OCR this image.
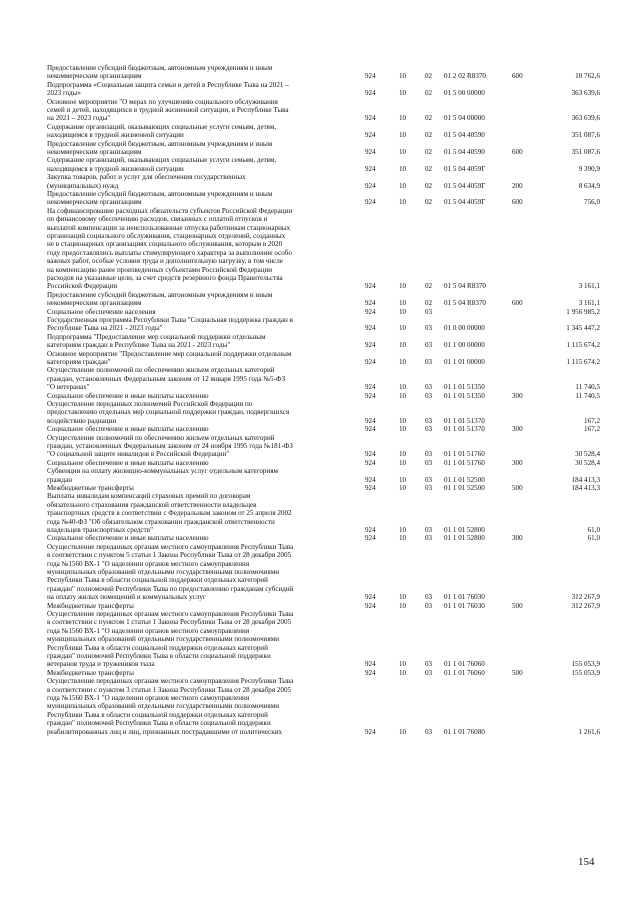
Предоставление субсидий бюджетным, автономным учреждениям и иным
некоммерческим организациям	924	10	02	01 2 02 R8370	600	10 762,6
Подпрограмма «Социальная защита семьи и детей в Республике Тыва на 2021 –
2023 годы»	924	10	02	01 5 00 00000	363 639,6
Основное мероприятие "О мерах по улучшению социального обслуживания
семей и детей, находящихся в трудной жизненной ситуации, в Республике Тыва
на 2021 – 2023 годы"	924	10	02	01 5 04 00000	363 639,6
Содержание организаций, оказывающих социальные услуги семьям, детям,
находящимся в трудной жизненной ситуации	924	10	02	01 5 04 40590	351 087,6
Предоставление субсидий бюджетным, автономным учреждениям и иным
некоммерческим организациям	924	10	02	01 5 04 40590	600	351 087,6
Содержание организаций, оказывающих социальные услуги семьям, детям,
находящимся в трудной жизненной ситуации	924	10	02	01 5 04 4059Г	9 390,9
Закупка товаров, работ и услуг для обеспечения государственных
(муниципальных) нужд	924	10	02	01 5 04 4059Г	200	8 634,9
Предоставление субсидий бюджетным, автономным учреждениям и иным
некоммерческим организациям	924	10	02	01 5 04 4059Г	600	756,0
На софинансирование расходных обязательств субъектов Российской Федерации
по финансовому обеспечению расходов, связанных с оплатой отпусков и
выплатой компенсации за неиспользованные отпуска работникам стационарных
организаций социального обслуживания, стационарных отделений, созданных
не в стационарных организациях социального обслуживания, которым в 2020
году предоставлялись выплаты стимулирующего характера за выполнение особо
важных работ, особые условия труда и дополнительную нагрузку, в том числе
на компенсацию ранее произведенных субъектами Российской Федерации
расходов на указанные цели, за счет средств резервного фонда Правительства
Российской Федерации	924	10	02	01 5 04 R8370	3 161,1
Предоставление субсидий бюджетным, автономным учреждениям и иным
некоммерческим организациям	924	10	02	01 5 04 R8370	600	3 161,1
Социальное обеспечение населения	924	10	03	1 956 985,2
Государственная программа Республики Тыва "Социальная поддержка граждан в
Республике Тыва на 2021 - 2023 годы"	924	10	03	01 0 00 00000	1 345 447,2
Подпрограмма "Предоставление мер социальной поддержки отдельным
категориям граждан в Республике Тыва на 2021 - 2023 годы"	924	10	03	01 1 00 00000	1 115 674,2
Основное мероприятие "Предоставление мер социальной поддержки отдельным
категориям граждан"	924	10	03	01 1 01 00000	1 115 674,2
Осуществление полномочий по обеспечению жильем отдельных категорий
граждан, установленных Федеральным законом от 12 января 1995 года №5-ФЗ
"О ветеранах"	924	10	03	01 1 01 51350	11 740,5
Социальное обеспечение и иные выплаты населению	924	10	03	01 1 01 51350	300	11 740,5
Осуществление переданных полномочий Российской Федерации по
предоставлению отдельных мер социальной поддержки граждан, подвергшихся
воздействию радиации	924	10	03	01 1 01 51370	167,2
Социальное обеспечение и иные выплаты населению	924	10	03	01 1 01 51370	300	167,2
Осуществление полномочий по обеспечению жильем отдельных категорий
граждан, установленных Федеральным законом от 24 ноября 1995 года №181-ФЗ
"О социальной защите инвалидов в Российской Федерации"	924	10	03	01 1 01 51760	30 528,4
Социальное обеспечение и иные выплаты населению	924	10	03	01 1 01 51760	300	30 528,4
Субвенции на оплату жилищно-коммунальных услуг отдельным категориям
граждан	924	10	03	01 1 01 52500	184 413,3
Межбюджетные трансферты	924	10	03	01 1 01 52500	500	184 413,3
Выплаты инвалидам компенсаций страховых премий по договорам
обязательного страхования гражданской ответственности владельцев
транспортных средств в соответствии с Федеральным законом от 25 апреля 2002
года №40-ФЗ "Об обязательном страховании гражданской ответственности
владельцев транспортных средств"	924	10	03	01 1 01 52800	61,0
Социальное обеспечение и иные выплаты населению	924	10	03	01 1 01 52800	300	61,0
Осуществление переданных органам местного самоуправления Республики Тыва
в соответствии с пунктом 5 статьи 1 Закона Республики Тыва от 28 декабря 2005
года №1560 ВХ-1 "О наделении органов местного самоуправления
муниципальных образований отдельными государственными полномочиями
Республики Тыва в области социальной поддержки отдельных категорий
граждан" полномочий Республики Тыва по предоставлению гражданам субсидий
на оплату жилых помещений и коммунальных услуг	924	10	03	01 1 01 76030	312 267,9
Межбюджетные трансферты	924	10	03	01 1 01 76030	500	312 267,9
Осуществление переданных органам местного самоуправления Республики Тыва
в соответствии с пунктом 1 статьи 1 Закона Республики Тыва от 28 декабря 2005
года №1560 ВХ-1 "О наделении органов местного самоуправления
муниципальных образований отдельными государственными полномочиями
Республики Тыва в области социальной поддержки отдельных категорий
граждан" полномочий Республики Тыва в области социальной поддержки
ветеранов труда и тружеников тыла	924	10	03	01 1 01 76060	155 053,9
Межбюджетные трансферты	924	10	03	01 1 01 76060	500	155 053,9
Осуществление переданных органам местного самоуправления Республики Тыва
в соответствии с пунктом 3 статьи 1 Закона Республики Тыва от 28 декабря 2005
года №1560 ВХ-1 "О наделении органов местного самоуправления
муниципальных образований отдельными государственными полномочиями
Республики Тыва в области социальной поддержки отдельных категорий
граждан" полномочий Республики Тыва в области социальной поддержки
реабилитированных лиц и лиц, признанных пострадавшими от политических	924	10	03	01 1 01 76080	1 261,6
154
